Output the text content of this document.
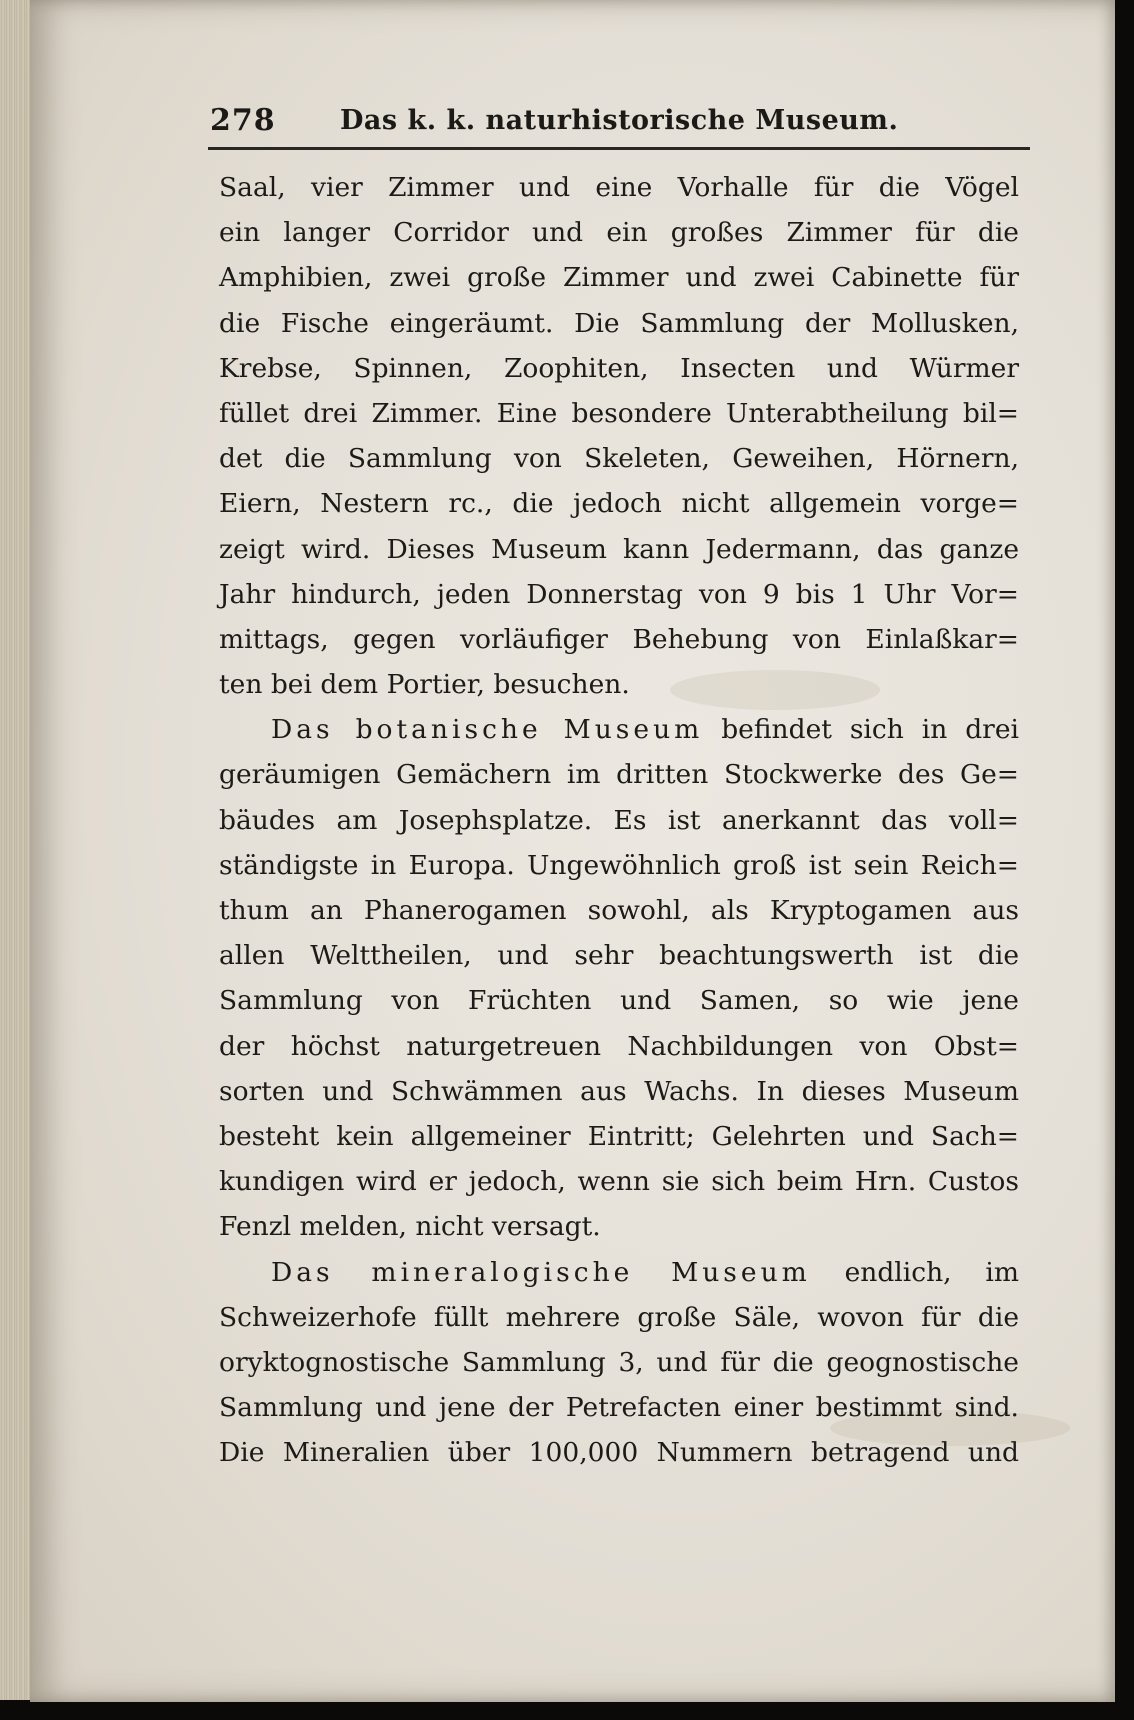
278 Das k. k. naturhistorische Museum.
Saal, vier Zimmer und eine Vorhalle für die Vögel
ein langer Corridor und ein großes Zimmer für die
Amphibien, zwei große Zimmer und zwei Cabinette für
die Fische eingeräumt. Die Sammlung der Mollusken,
Krebse, Spinnen, Zoophiten, Insecten und Würmer
füllet drei Zimmer. Eine besondere Unterabtheilung bil=
det die Sammlung von Skeleten, Geweihen, Hörnern,
Eiern, Nestern rc., die jedoch nicht allgemein vorge=
zeigt wird. Dieses Museum kann Jedermann, das ganze
Jahr hindurch, jeden Donnerstag von 9 bis 1 Uhr Vor=
mittags, gegen vorläufiger Behebung von Einlaßkar=
ten bei dem Portier, besuchen.
Das botanische Museum befindet sich in drei
geräumigen Gemächern im dritten Stockwerke des Ge=
bäudes am Josephsplatze. Es ist anerkannt das voll=
ständigste in Europa. Ungewöhnlich groß ist sein Reich=
thum an Phanerogamen sowohl, als Kryptogamen aus
allen Welttheilen, und sehr beachtungswerth ist die
Sammlung von Früchten und Samen, so wie jene
der höchst naturgetreuen Nachbildungen von Obst=
sorten und Schwämmen aus Wachs. In dieses Museum
besteht kein allgemeiner Eintritt; Gelehrten und Sach=
kundigen wird er jedoch, wenn sie sich beim Hrn. Custos
Fenzl melden, nicht versagt.
Das mineralogische Museum endlich, im
Schweizerhofe füllt mehrere große Säle, wovon für die
oryktognostische Sammlung 3, und für die geognostische
Sammlung und jene der Petrefacten einer bestimmt sind.
Die Mineralien über 100,000 Nummern betragend und
